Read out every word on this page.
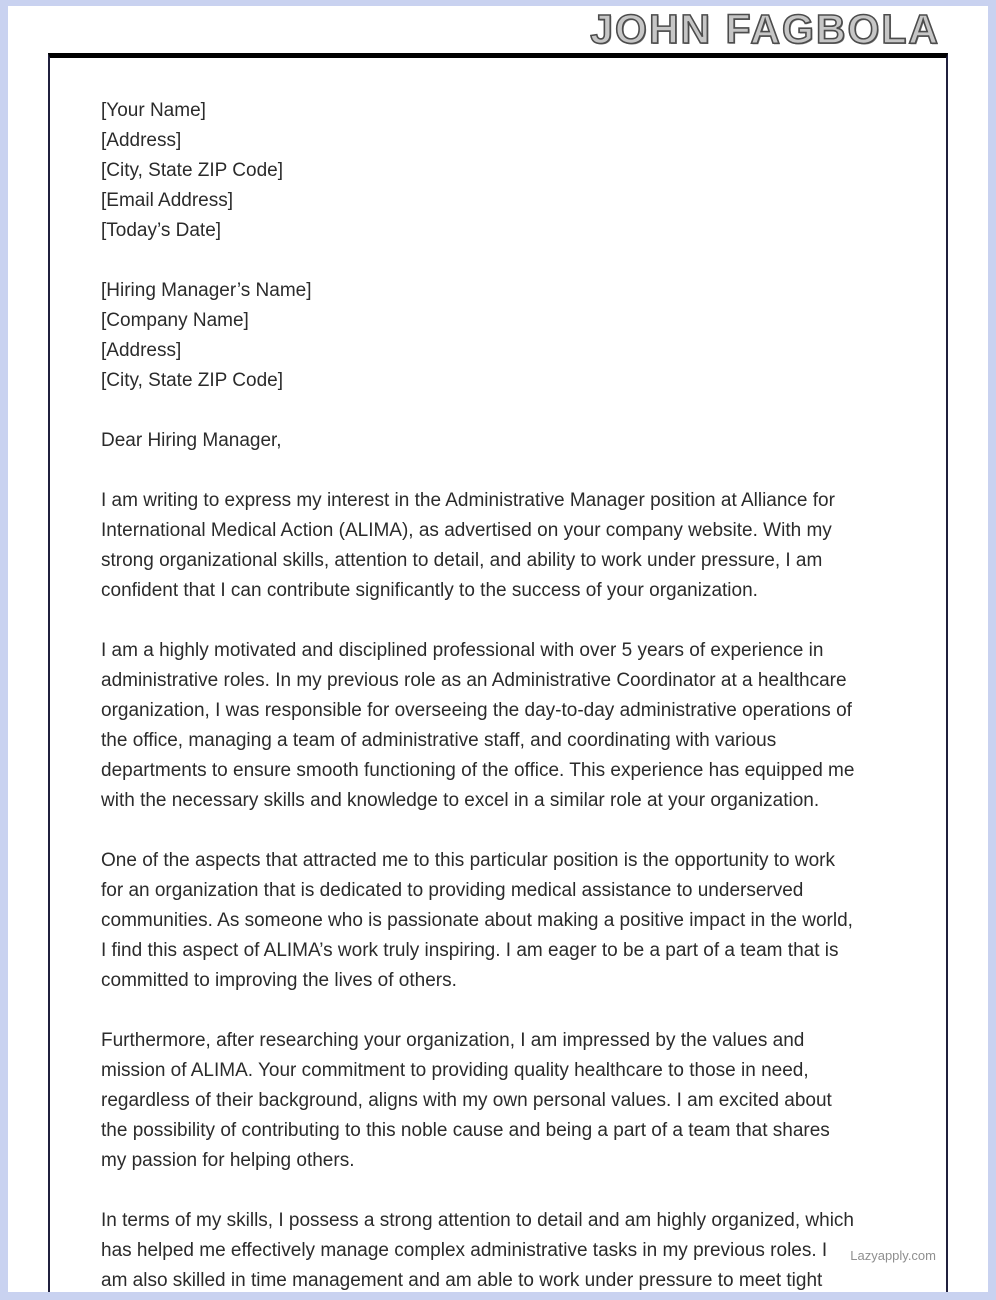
JOHN FAGBOLA

[Your Name]

[Address]

[City, State ZIP Code]

[Email Address]

[Today’s Date]

[Hiring Manager’s Name]

[Company Name]

[Address]

[City, State ZIP Code]

Dear Hiring Manager,

I am writing to express my interest in the Administrative Manager position at Alliance for International Medical Action (ALIMA), as advertised on your company website. With my strong organizational skills, attention to detail, and ability to work under pressure, I am confident that I can contribute significantly to the success of your organization.

I am a highly motivated and disciplined professional with over 5 years of experience in administrative roles. In my previous role as an Administrative Coordinator at a healthcare organization, I was responsible for overseeing the day-to-day administrative operations of the office, managing a team of administrative staff, and coordinating with various departments to ensure smooth functioning of the office. This experience has equipped me with the necessary skills and knowledge to excel in a similar role at your organization.

One of the aspects that attracted me to this particular position is the opportunity to work for an organization that is dedicated to providing medical assistance to underserved communities. As someone who is passionate about making a positive impact in the world, I find this aspect of ALIMA’s work truly inspiring. I am eager to be a part of a team that is committed to improving the lives of others.

Furthermore, after researching your organization, I am impressed by the values and mission of ALIMA. Your commitment to providing quality healthcare to those in need, regardless of their background, aligns with my own personal values. I am excited about the possibility of contributing to this noble cause and being a part of a team that shares my passion for helping others.

In terms of my skills, I possess a strong attention to detail and am highly organized, which has helped me effectively manage complex administrative tasks in my previous roles. I am also skilled in time management and am able to work under pressure to meet tight

Lazyapply.com
